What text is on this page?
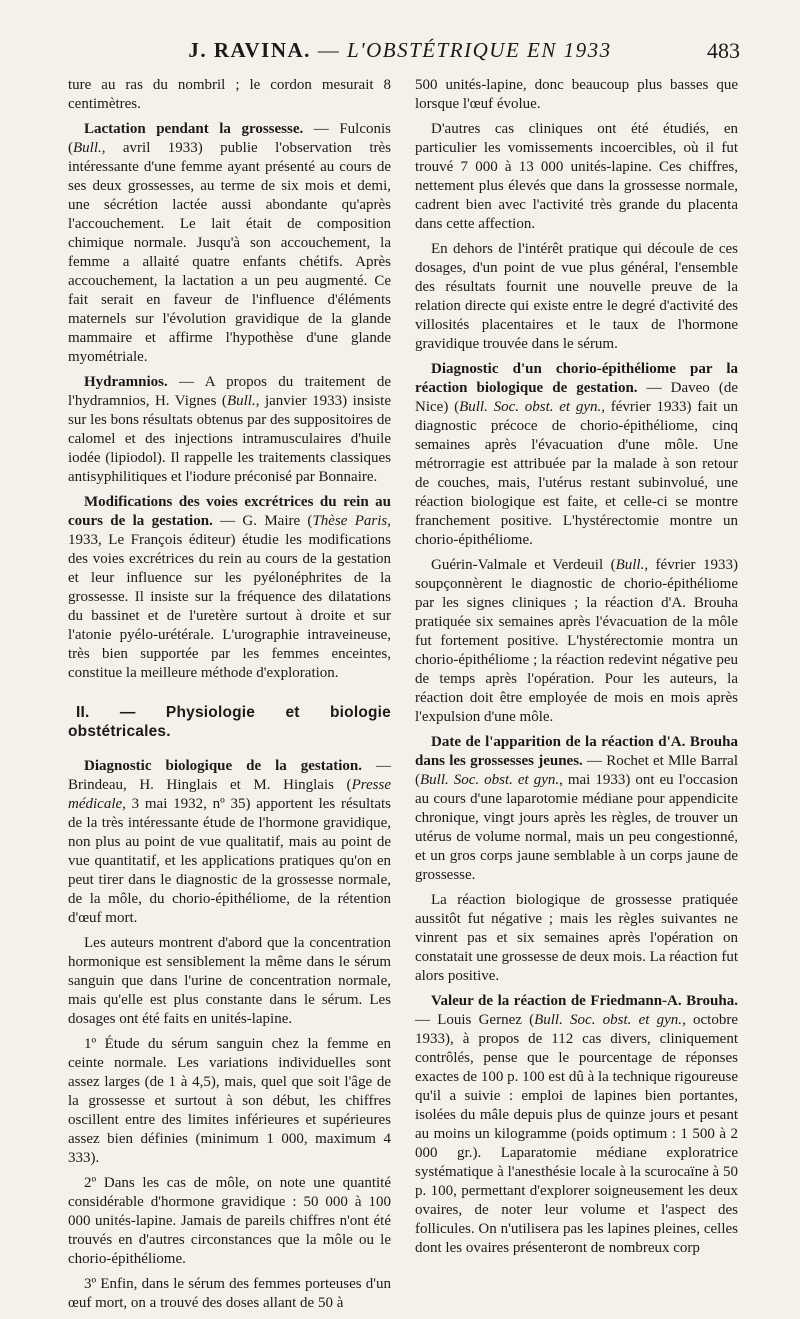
J. RAVINA. — L'OBSTÉTRIQUE EN 1933	483

ture au ras du nombril ; le cordon mesurait 8 centimètres.

Lactation pendant la grossesse. — Fulconis (Bull., avril 1933) publie l'observation très intéressante d'une femme ayant présenté au cours de ses deux grossesses, au terme de six mois et demi, une sécrétion lactée aussi abondante qu'après l'accouchement. Le lait était de composition chimique normale. Jusqu'à son accouchement, la femme a allaité quatre enfants chétifs. Après accouchement, la lactation a un peu augmenté. Ce fait serait en faveur de l'influence d'éléments maternels sur l'évolution gravidique de la glande mammaire et affirme l'hypothèse d'une glande myométriale.

Hydramnios. — A propos du traitement de l'hydramnios, H. Vignes (Bull., janvier 1933) insiste sur les bons résultats obtenus par des suppositoires de calomel et des injections intramusculaires d'huile iodée (lipiodol). Il rappelle les traitements classiques antisyphilitiques et l'iodure préconisé par Bonnaire.

Modifications des voies excrétrices du rein au cours de la gestation. — G. Maire (Thèse Paris, 1933, Le François éditeur) étudie les modifications des voies excrétrices du rein au cours de la gestation et leur influence sur les pyélonéphrites de la grossesse. Il insiste sur la fréquence des dilatations du bassinet et de l'uretère surtout à droite et sur l'atonie pyélo-urétérale. L'urographie intraveineuse, très bien supportée par les femmes enceintes, constitue la meilleure méthode d'exploration.

II. — Physiologie et biologie obstétricales.

Diagnostic biologique de la gestation. — Brindeau, H. Hinglais et M. Hinglais (Presse médicale, 3 mai 1932, nº 35) apportent les résultats de la très intéressante étude de l'hormone gravidique, non plus au point de vue qualitatif, mais au point de vue quantitatif, et les applications pratiques qu'on en peut tirer dans le diagnostic de la grossesse normale, de la môle, du chorio-épithéliome, de la rétention d'œuf mort.

Les auteurs montrent d'abord que la concentration hormonique est sensiblement la même dans le sérum sanguin que dans l'urine de concentration normale, mais qu'elle est plus constante dans le sérum. Les dosages ont été faits en unités-lapine.

1º Étude du sérum sanguin chez la femme en ceinte normale. Les variations individuelles sont assez larges (de 1 à 4,5), mais, quel que soit l'âge de la grossesse et surtout à son début, les chiffres oscillent entre des limites inférieures et supérieures assez bien définies (minimum 1 000, maximum 4 333).

2º Dans les cas de môle, on note une quantité considérable d'hormone gravidique : 50 000 à 100 000 unités-lapine. Jamais de pareils chiffres n'ont été trouvés en d'autres circonstances que la môle ou le chorio-épithéliome.

3º Enfin, dans le sérum des femmes porteuses d'un œuf mort, on a trouvé des doses allant de 50 à

500 unités-lapine, donc beaucoup plus basses que lorsque l'œuf évolue.

D'autres cas cliniques ont été étudiés, en particulier les vomissements incoercibles, où il fut trouvé 7 000 à 13 000 unités-lapine. Ces chiffres, nettement plus élevés que dans la grossesse normale, cadrent bien avec l'activité très grande du placenta dans cette affection.

En dehors de l'intérêt pratique qui découle de ces dosages, d'un point de vue plus général, l'ensemble des résultats fournit une nouvelle preuve de la relation directe qui existe entre le degré d'activité des villosités placentaires et le taux de l'hormone gravidique trouvée dans le sérum.

Diagnostic d'un chorio-épithéliome par la réaction biologique de gestation. — Daveo (de Nice) (Bull. Soc. obst. et gyn., février 1933) fait un diagnostic précoce de chorio-épithéliome, cinq semaines après l'évacuation d'une môle. Une métrorragie est attribuée par la malade à son retour de couches, mais, l'utérus restant subinvolué, une réaction biologique est faite, et celle-ci se montre franchement positive. L'hystérectomie montre un chorio-épithéliome.

Guérin-Valmale et Verdeuil (Bull., février 1933) soupçonnèrent le diagnostic de chorio-épithéliome par les signes cliniques ; la réaction d'A. Brouha pratiquée six semaines après l'évacuation de la môle fut fortement positive. L'hystérectomie montra un chorio-épithéliome ; la réaction redevint négative peu de temps après l'opération. Pour les auteurs, la réaction doit être employée de mois en mois après l'expulsion d'une môle.

Date de l'apparition de la réaction d'A. Brouha dans les grossesses jeunes. — Rochet et Mlle Barral (Bull. Soc. obst. et gyn., mai 1933) ont eu l'occasion au cours d'une laparotomie médiane pour appendicite chronique, vingt jours après les règles, de trouver un utérus de volume normal, mais un peu congestionné, et un gros corps jaune semblable à un corps jaune de grossesse.

La réaction biologique de grossesse pratiquée aussitôt fut négative ; mais les règles suivantes ne vinrent pas et six semaines après l'opération on constatait une grossesse de deux mois. La réaction fut alors positive.

Valeur de la réaction de Friedmann-A. Brouha. — Louis Gernez (Bull. Soc. obst. et gyn., octobre 1933), à propos de 112 cas divers, cliniquement contrôlés, pense que le pourcentage de réponses exactes de 100 p. 100 est dû à la technique rigoureuse qu'il a suivie : emploi de lapines bien portantes, isolées du mâle depuis plus de quinze jours et pesant au moins un kilogramme (poids optimum : 1 500 à 2 000 gr.). Laparatomie médiane exploratrice systématique à l'anesthésie locale à la scurocaïne à 50 p. 100, permettant d'explorer soigneusement les deux ovaires, de noter leur volume et l'aspect des follicules. On n'utilisera pas les lapines pleines, celles dont les ovaires présenteront de nombreux corp
